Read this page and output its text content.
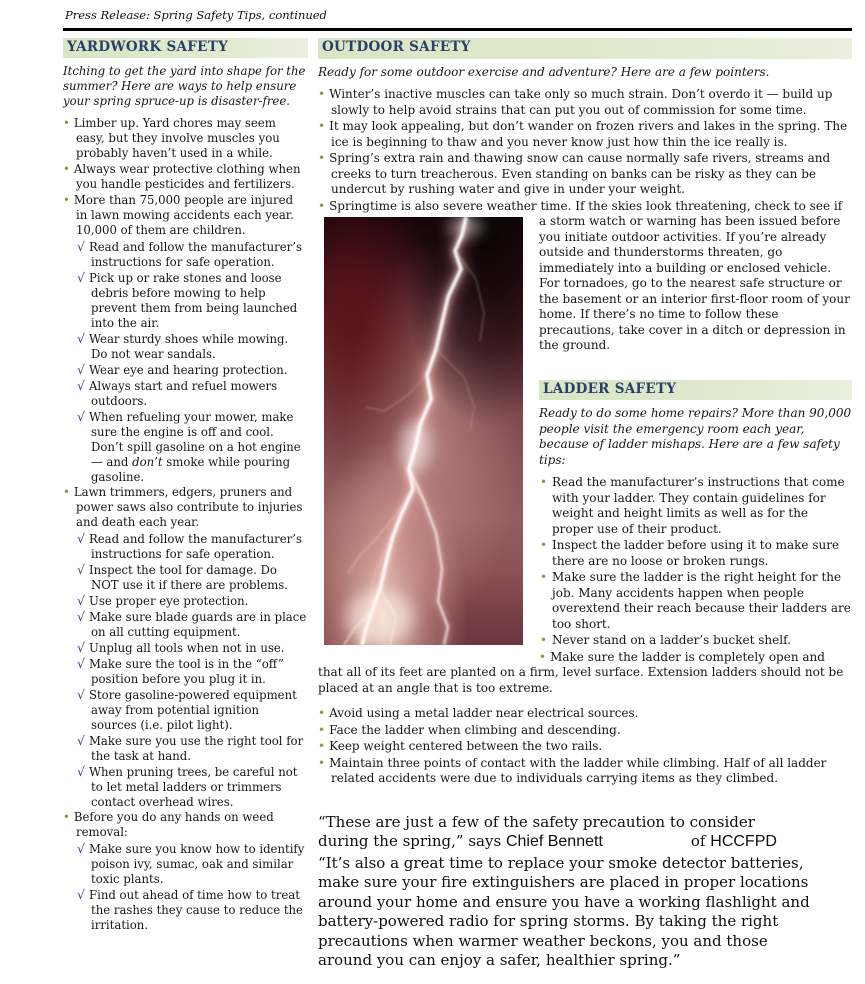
Press Release: Spring Safety Tips, continued
YARDWORK SAFETY

Itching to get the yard into shape for the summer? Here are ways to help ensure your spring spruce-up is disaster-free.

• Limber up. Yard chores may seem easy, but they involve muscles you probably haven’t used in a while.
• Always wear protective clothing when you handle pesticides and fertilizers.
• More than 75,000 people are injured in lawn mowing accidents each year. 10,000 of them are children.
√ Read and follow the manufacturer’s instructions for safe operation.
√ Pick up or rake stones and loose debris before mowing to help prevent them from being launched into the air.
√ Wear sturdy shoes while mowing. Do not wear sandals.
√ Wear eye and hearing protection.
√ Always start and refuel mowers outdoors.
√ When refueling your mower, make sure the engine is off and cool. Don’t spill gasoline on a hot engine — and don’t smoke while pouring gasoline.
• Lawn trimmers, edgers, pruners and power saws also contribute to injuries and death each year.
√ Read and follow the manufacturer’s instructions for safe operation.
√ Inspect the tool for damage. Do NOT use it if there are problems.
√ Use proper eye protection.
√ Make sure blade guards are in place on all cutting equipment.
√ Unplug all tools when not in use.
√ Make sure the tool is in the “off” position before you plug it in.
√ Store gasoline-powered equipment away from potential ignition sources (i.e. pilot light).
√ Make sure you use the right tool for the task at hand.
√ When pruning trees, be careful not to let metal ladders or trimmers contact overhead wires.
• Before you do any hands on weed removal:
√ Make sure you know how to identify poison ivy, sumac, oak and similar toxic plants.
√ Find out ahead of time how to treat the rashes they cause to reduce the irritation.
OUTDOOR SAFETY

Ready for some outdoor exercise and adventure? Here are a few pointers.

• Winter’s inactive muscles can take only so much strain. Don’t overdo it — build up slowly to help avoid strains that can put you out of commission for some time.
• It may look appealing, but don’t wander on frozen rivers and lakes in the spring. The ice is beginning to thaw and you never know just how thin the ice really is.
• Spring’s extra rain and thawing snow can cause normally safe rivers, streams and creeks to turn treacherous. Even standing on banks can be risky as they can be undercut by rushing water and give in under your weight.
• Springtime is also severe weather time. If the skies look threatening, check to see if a storm watch or warning has been issued before you initiate outdoor activities. If you’re already outside and thunderstorms threaten, go immediately into a building or enclosed vehicle. For tornadoes, go to the nearest safe structure or the basement or an interior first-floor room of your home. If there’s no time to follow these precautions, take cover in a ditch or depression in the ground.
LADDER SAFETY

Ready to do some home repairs? More than 90,000 people visit the emergency room each year, because of ladder mishaps. Here are a few safety tips:

• Read the manufacturer’s instructions that come with your ladder. They contain guidelines for weight and height limits as well as for the proper use of their product.
• Inspect the ladder before using it to make sure there are no loose or broken rungs.
• Make sure the ladder is the right height for the job. Many accidents happen when people overextend their reach because their ladders are too short.
• Never stand on a ladder’s bucket shelf.
• Make sure the ladder is completely open and that all of its feet are planted on a firm, level surface. Extension ladders should not be placed at an angle that is too extreme.
• Avoid using a metal ladder near electrical sources.
• Face the ladder when climbing and descending.
• Keep weight centered between the two rails.
• Maintain three points of contact with the ladder while climbing. Half of all ladder related accidents were due to individuals carrying items as they climbed.

“These are just a few of the safety precaution to consider during the spring,” says Chief Bennett	of HCCFPD

“It’s also a great time to replace your smoke detector batteries, make sure your fire extinguishers are placed in proper locations around your home and ensure you have a working flashlight and battery-powered radio for spring storms. By taking the right precautions when warmer weather beckons, you and those around you can enjoy a safer, healthier spring.”
